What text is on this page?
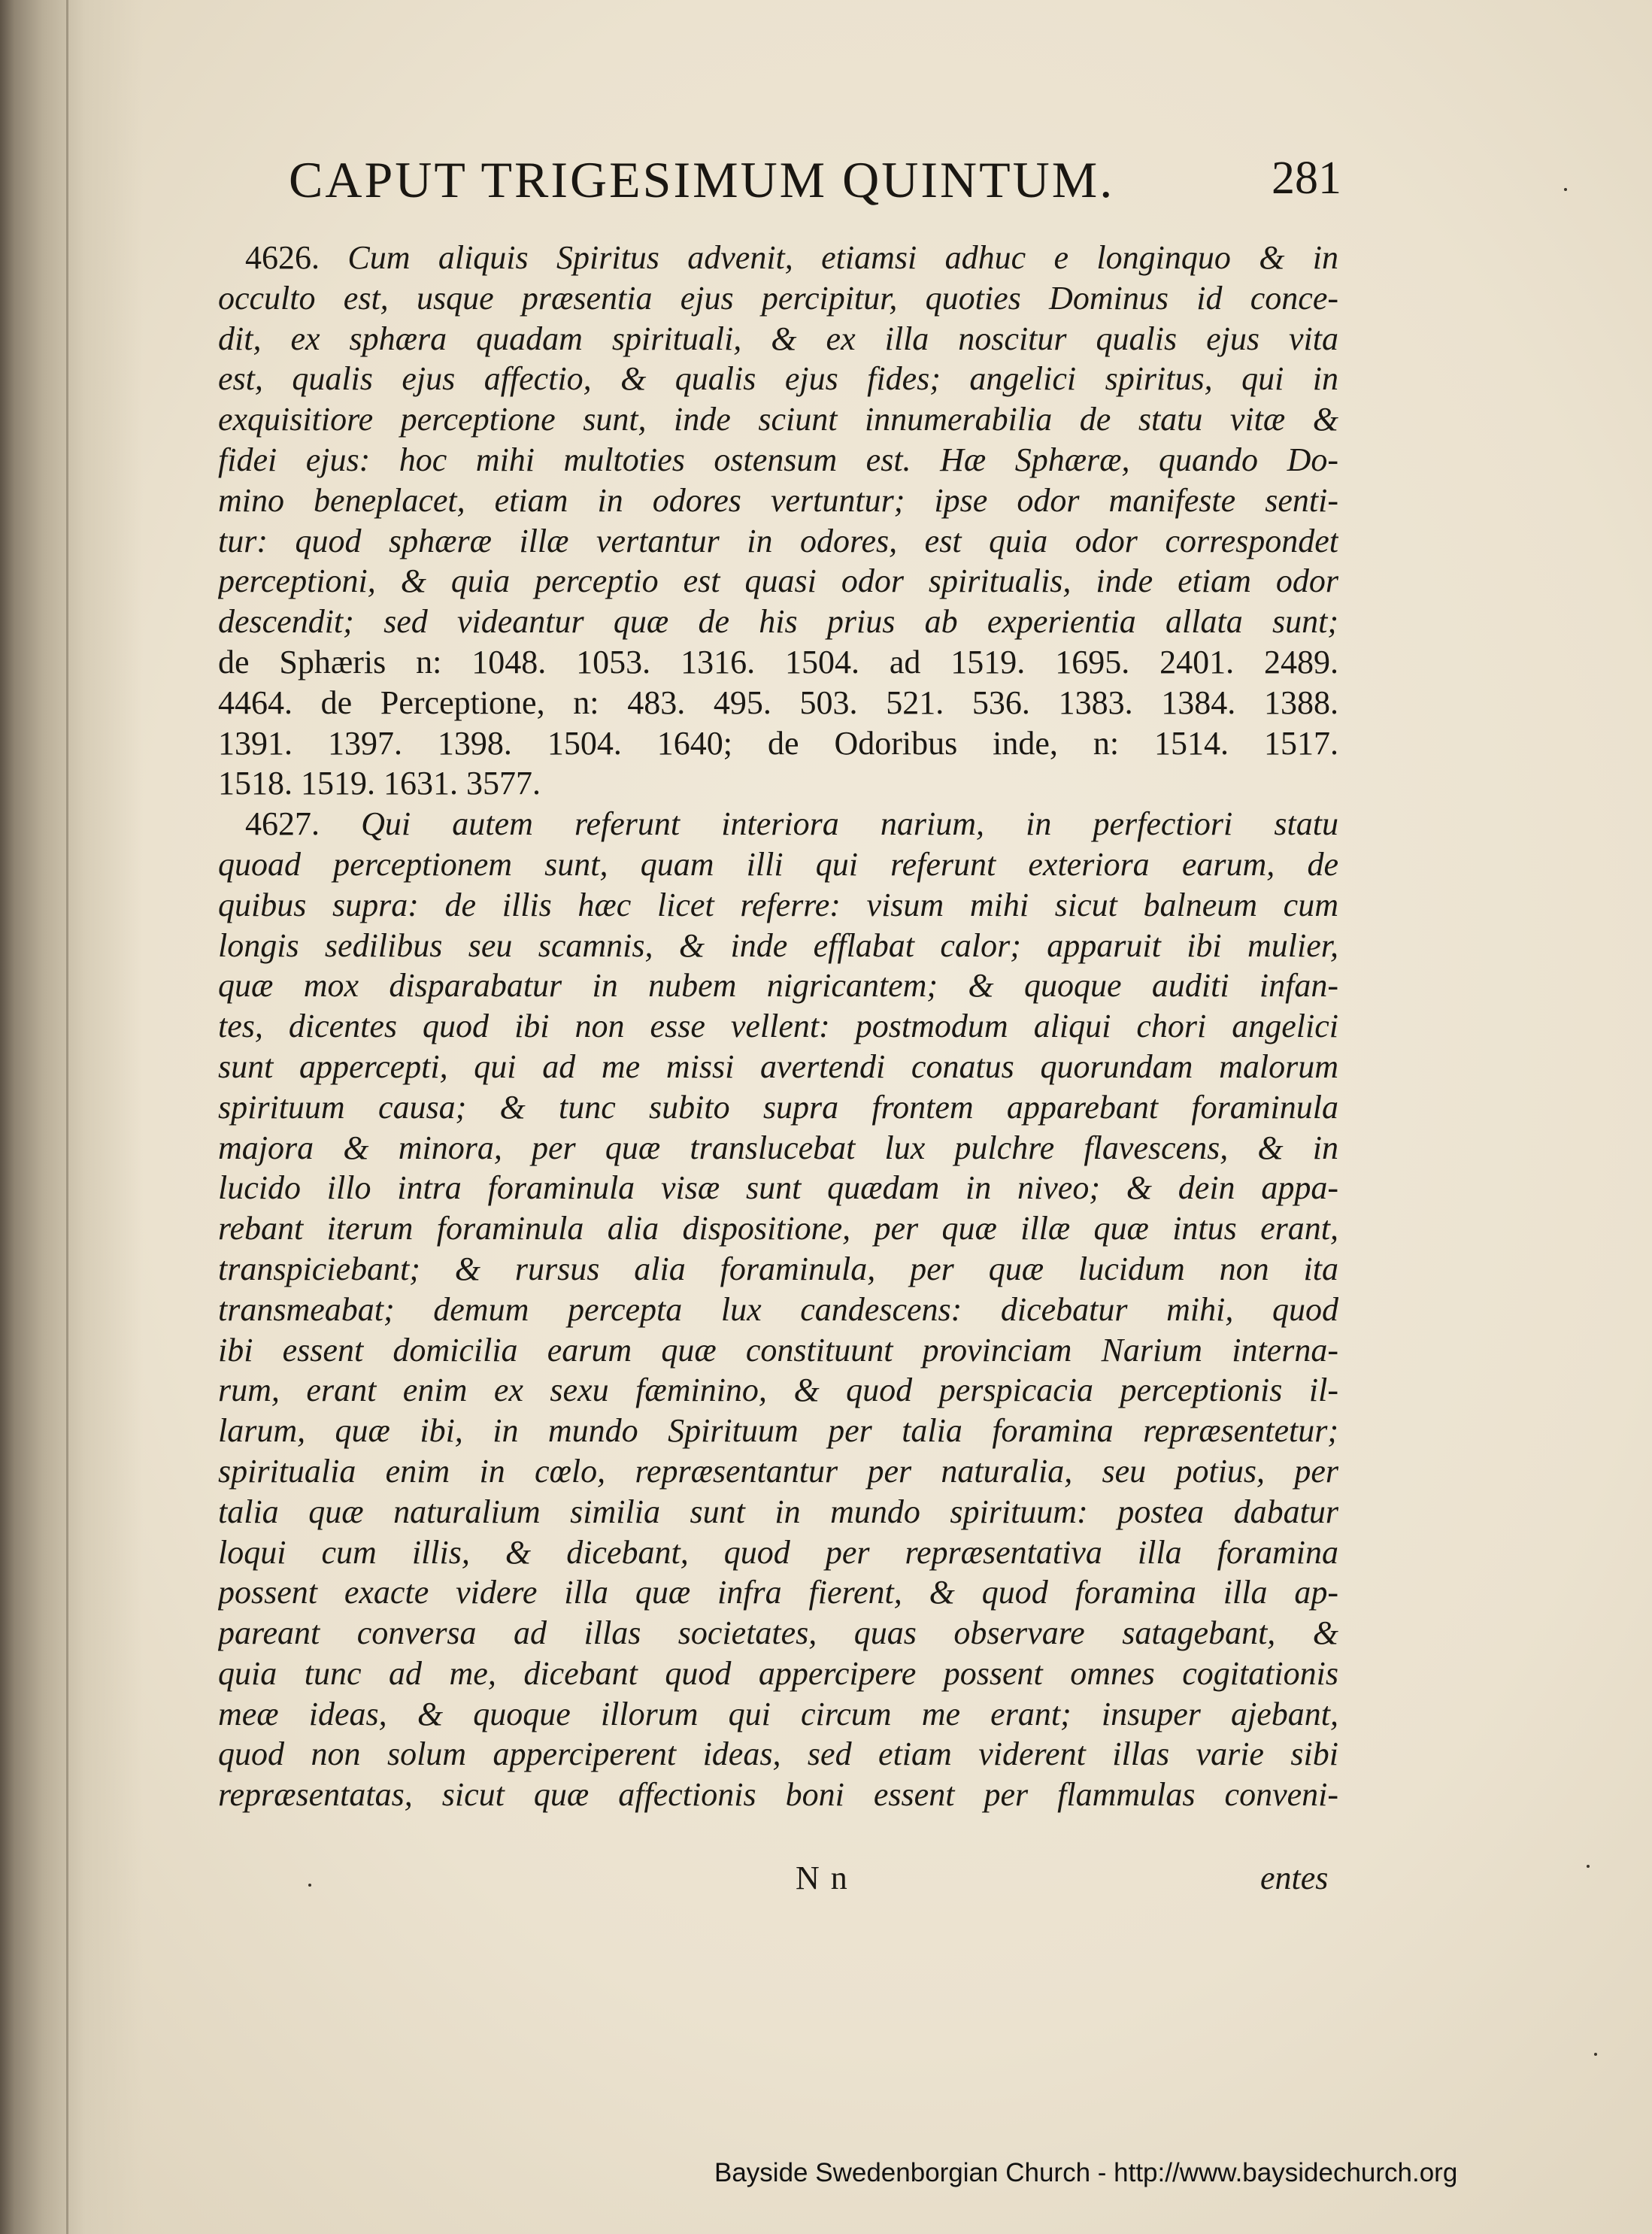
CAPUT TRIGESIMUM QUINTUM.	281
4626. Cum aliquis Spiritus advenit, etiamsi adhuc e longinquo & in
occulto est, usque præsentia ejus percipitur, quoties Dominus id conce-
dit, ex sphæra quadam spirituali, & ex illa noscitur qualis ejus vita
est, qualis ejus affectio, & qualis ejus fides; angelici spiritus, qui in
exquisitiore perceptione sunt, inde sciunt innumerabilia de statu vitæ &
fidei ejus: hoc mihi multoties ostensum est. Hæ Sphæræ, quando Do-
mino beneplacet, etiam in odores vertuntur; ipse odor manifeste senti-
tur: quod sphæræ illæ vertantur in odores, est quia odor correspondet
perceptioni, & quia perceptio est quasi odor spiritualis, inde etiam odor
descendit; sed videantur quæ de his prius ab experientia allata sunt;
de Sphæris n: 1048. 1053. 1316. 1504. ad 1519. 1695. 2401. 2489.
4464. de Perceptione, n: 483. 495. 503. 521. 536. 1383. 1384. 1388.
1391. 1397. 1398. 1504. 1640; de Odoribus inde, n: 1514. 1517.
1518. 1519. 1631. 3577.
4627. Qui autem referunt interiora narium, in perfectiori statu
quoad perceptionem sunt, quam illi qui referunt exteriora earum, de
quibus supra: de illis hæc licet referre: visum mihi sicut balneum cum
longis sedilibus seu scamnis, & inde efflabat calor; apparuit ibi mulier,
quæ mox disparabatur in nubem nigricantem; & quoque auditi infan-
tes, dicentes quod ibi non esse vellent: postmodum aliqui chori angelici
sunt appercepti, qui ad me missi avertendi conatus quorundam malorum
spirituum causa; & tunc subito supra frontem apparebant foraminula
majora & minora, per quæ translucebat lux pulchre flavescens, & in
lucido illo intra foraminula visæ sunt quædam in niveo; & dein appa-
rebant iterum foraminula alia dispositione, per quæ illæ quæ intus erant,
transpiciebant; & rursus alia foraminula, per quæ lucidum non ita
transmeabat; demum percepta lux candescens: dicebatur mihi, quod
ibi essent domicilia earum quæ constituunt provinciam Narium interna-
rum, erant enim ex sexu fæminino, & quod perspicacia perceptionis il-
larum, quæ ibi, in mundo Spirituum per talia foramina repræsentetur;
spiritualia enim in cœlo, repræsentantur per naturalia, seu potius, per
talia quæ naturalium similia sunt in mundo spirituum: postea dabatur
loqui cum illis, & dicebant, quod per repræsentativa illa foramina
possent exacte videre illa quæ infra fierent, & quod foramina illa ap-
pareant conversa ad illas societates, quas observare satagebant, &
quia tunc ad me, dicebant quod appercipere possent omnes cogitationis
meæ ideas, & quoque illorum qui circum me erant; insuper ajebant,
quod non solum apperciperent ideas, sed etiam viderent illas varie sibi
repræsentatas, sicut quæ affectionis boni essent per flammulas conveni-
N n	entes
Bayside Swedenborgian Church - http://www.baysidechurch.org
